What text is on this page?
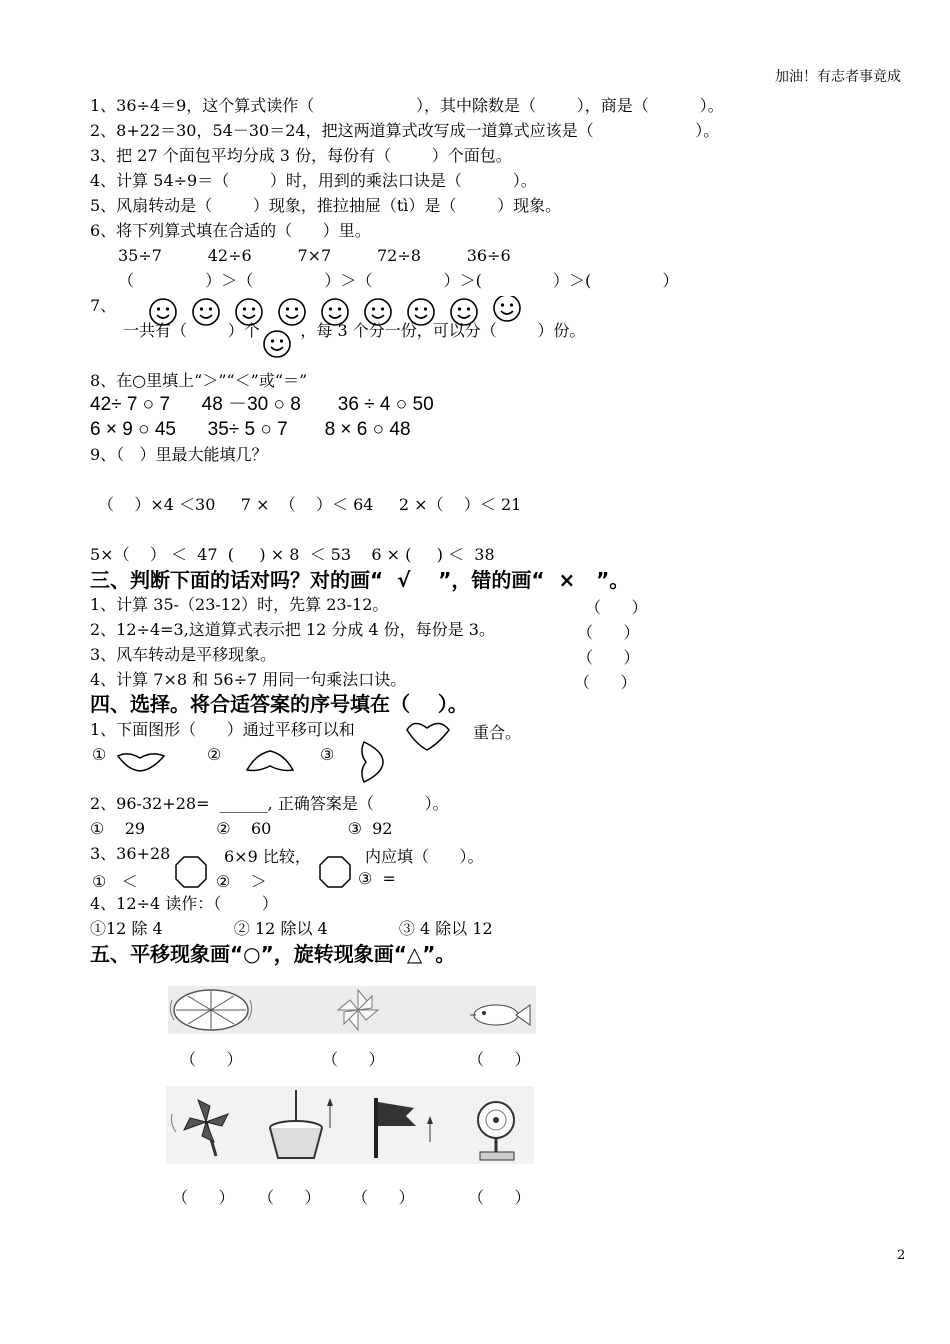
加油！有志者事竟成
1、36÷4＝9，这个算式读作（                    ），其中除数是（        ），商是（          ）。
2、8+22＝30，54－30＝24，把这两道算式改写成一道算式应该是（                    ）。
3、把 27 个面包平均分成 3 份，每份有（        ）个面包。
4、计算 54÷9＝（        ）时，用到的乘法口诀是（          ）。
5、风扇转动是（        ）现象，推拉抽屉（tì）是（        ）现象。
6、将下列算式填在合适的（      ）里。
35÷7         42÷6         7×7         72÷8         36÷6
（              ）＞（              ）＞（              ）＞(              ）＞(              ）
7、
一共有（        ）个        ，每 3 个分一份，可以分（        ）份。
8、在○里填上“＞”“＜”或“＝”
42÷ 7 ○ 7      48 －30 ○ 8       36 ÷ 4 ○ 50
6 × 9 ○ 45      35÷ 5 ○ 7       8 × 6 ○ 48
9、（   ）里最大能填几？
（    ）×4 ＜30     7 ×  （    ）＜ 64     2 ×（    ）＜ 21
5×（    ） ＜  47  (     ) × 8  ＜ 53    6 × (     ) ＜  38
三、判断下面的话对吗？对的画“  √    ”，错的画“  ×   ”。
1、计算 35-（23-12）时，先算 23-12。	（      ）
2、12÷4=3,这道算式表示把 12 分成 4 份，每份是 3。	（      ）
3、风车转动是平移现象。	（      ）
4、计算 7×8 和 56÷7 用同一句乘法口诀。	（      ）
四、选择。将合适答案的序号填在（    ）。
1、下面图形（      ）通过平移可以和	重合。
①	②	③
2、96-32+28=  ______, 正确答案是（          ）。
①    29              ②    60               ③  92
3、36+28	6×9 比较，	内应填（      ）。
①   ＜	②    ＞	③  =
4、12÷4 读作：（        ）
①12 除 4              ② 12 除以 4              ③ 4 除以 12
五、平移现象画“○”，旋转现象画“△”。
（      ）	（      ）	（      ）
（      ） （      ） （      ）	（      ）
2
